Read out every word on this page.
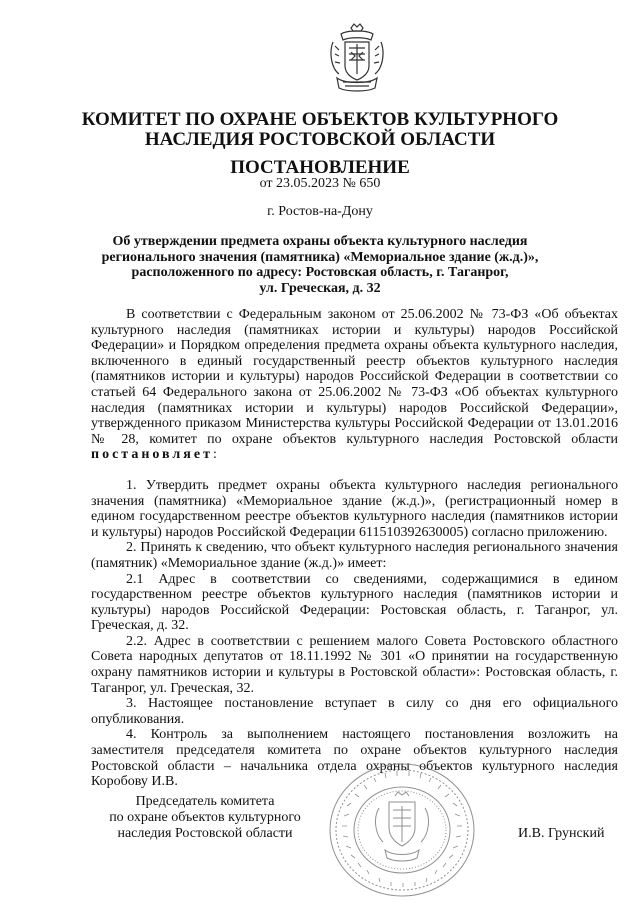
КОМИТЕТ ПО ОХРАНЕ ОБЪЕКТОВ КУЛЬТУРНОГО
НАСЛЕДИЯ РОСТОВСКОЙ ОБЛАСТИ
ПОСТАНОВЛЕНИЕ
от 23.05.2023 № 650
г. Ростов-на-Дону
Об утверждении предмета охраны объекта культурного наследия
регионального значения (памятника) «Мемориальное здание (ж.д.)»,
расположенного по адресу: Ростовская область, г. Таганрог,
ул. Греческая, д. 32

В соответствии с Федеральным законом от 25.06.2002 № 73-ФЗ «Об объектах культурного наследия (памятниках истории и культуры) народов Российской Федерации» и Порядком определения предмета охраны объекта культурного наследия, включенного в единый государственный реестр объектов культурного наследия (памятников истории и культуры) народов Российской Федерации в соответствии со статьей 64 Федерального закона от 25.06.2002 № 73-ФЗ «Об объектах культурного наследия (памятниках истории и культуры) народов Российской Федерации», утвержденного приказом Министерства культуры Российской Федерации от 13.01.2016 № 28, комитет по охране объектов культурного наследия Ростовской области постановляет:

1. Утвердить предмет охраны объекта культурного наследия регионального значения (памятника) «Мемориальное здание (ж.д.)», (регистрационный номер в едином государственном реестре объектов культурного наследия (памятников истории и культуры) народов Российской Федерации 611510392630005) согласно приложению.

2. Принять к сведению, что объект культурного наследия регионального значения (памятник) «Мемориальное здание (ж.д.)» имеет:

2.1 Адрес в соответствии со сведениями, содержащимися в едином государственном реестре объектов культурного наследия (памятников истории и культуры) народов Российской Федерации: Ростовская область, г. Таганрог, ул. Греческая, д. 32.

2.2. Адрес в соответствии с решением малого Совета Ростовского областного Совета народных депутатов от 18.11.1992 № 301 «О принятии на государственную охрану памятников истории и культуры в Ростовской области»: Ростовская область, г. Таганрог, ул. Греческая, 32.

3. Настоящее постановление вступает в силу со дня его официального опубликования.

4. Контроль за выполнением настоящего постановления возложить на заместителя председателя комитета по охране объектов культурного наследия Ростовской области – начальника отдела охраны объектов культурного наследия Коробову И.В.

Председатель комитета
по охране объектов культурного
наследия Ростовской области	И.В. Грунский
